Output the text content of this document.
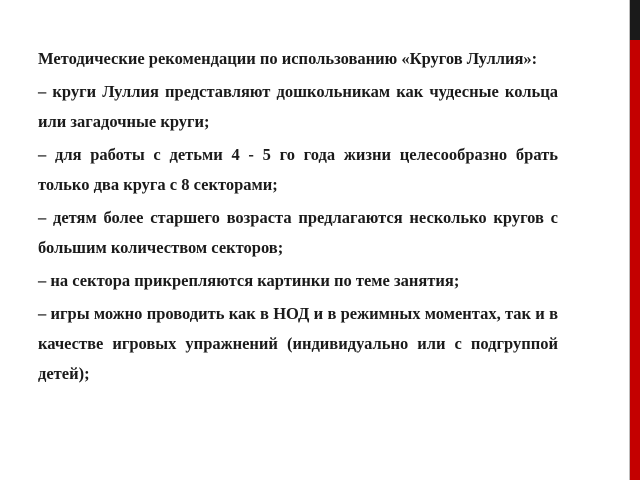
Методические рекомендации по использованию «Кругов Луллия»:

– круги Луллия представляют дошкольникам как чудесные кольца или загадочные круги;

– для работы с детьми 4 - 5 го года жизни целесообразно брать только два круга с 8 секторами;

– детям более старшего возраста предлагаются несколько кругов с большим количеством секторов;

– на сектора прикрепляются картинки по теме занятия;

– игры можно проводить как в НОД и в режимных моментах, так и в качестве игровых упражнений (индивидуально или с подгруппой детей);
